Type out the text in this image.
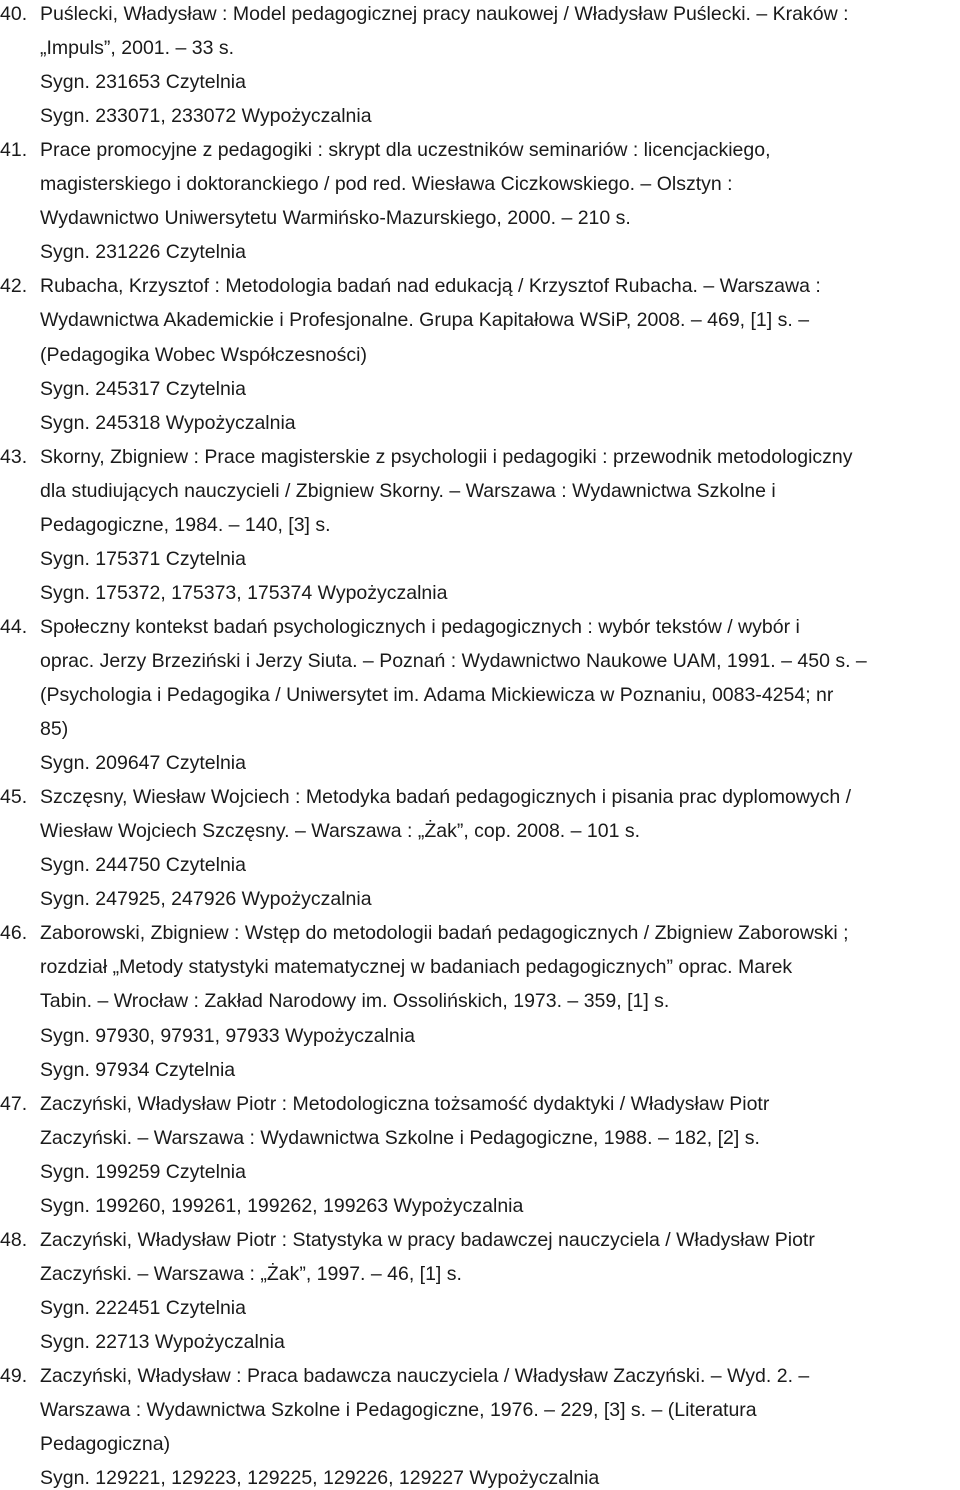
40. Puślecki, Władysław : Model pedagogicznej pracy naukowej / Władysław Puślecki. – Kraków :
„Impuls”, 2001. – 33 s.
Sygn. 231653 Czytelnia
Sygn. 233071, 233072 Wypożyczalnia
41. Prace promocyjne z pedagogiki : skrypt dla uczestników seminariów : licencjackiego,
magisterskiego i doktoranckiego / pod red. Wiesława Ciczkowskiego. – Olsztyn :
Wydawnictwo Uniwersytetu Warmińsko-Mazurskiego, 2000. – 210 s.
Sygn. 231226 Czytelnia
42. Rubacha, Krzysztof : Metodologia badań nad edukacją / Krzysztof Rubacha. – Warszawa :
Wydawnictwa Akademickie i Profesjonalne. Grupa Kapitałowa WSiP, 2008. – 469, [1] s. –
(Pedagogika Wobec Współczesności)
Sygn. 245317 Czytelnia
Sygn. 245318 Wypożyczalnia
43. Skorny, Zbigniew : Prace magisterskie z psychologii i pedagogiki : przewodnik metodologiczny
dla studiujących nauczycieli / Zbigniew Skorny. – Warszawa : Wydawnictwa Szkolne i
Pedagogiczne, 1984. – 140, [3] s.
Sygn. 175371 Czytelnia
Sygn. 175372, 175373, 175374 Wypożyczalnia
44. Społeczny kontekst badań psychologicznych i pedagogicznych : wybór tekstów / wybór i
oprac. Jerzy Brzeziński i Jerzy Siuta. – Poznań : Wydawnictwo Naukowe UAM, 1991. – 450 s. –
(Psychologia i Pedagogika / Uniwersytet im. Adama Mickiewicza w Poznaniu, 0083-4254; nr
85)
Sygn. 209647 Czytelnia
45. Szczęsny, Wiesław Wojciech : Metodyka badań pedagogicznych i pisania prac dyplomowych /
Wiesław Wojciech Szczęsny. – Warszawa : „Żak”, cop. 2008. – 101 s.
Sygn. 244750 Czytelnia
Sygn. 247925, 247926 Wypożyczalnia
46. Zaborowski, Zbigniew : Wstęp do metodologii badań pedagogicznych / Zbigniew Zaborowski ;
rozdział „Metody statystyki matematycznej w badaniach pedagogicznych” oprac. Marek
Tabin. – Wrocław : Zakład Narodowy im. Ossolińskich, 1973. – 359, [1] s.
Sygn. 97930, 97931, 97933 Wypożyczalnia
Sygn. 97934 Czytelnia
47. Zaczyński, Władysław Piotr : Metodologiczna tożsamość dydaktyki / Władysław Piotr
Zaczyński. – Warszawa : Wydawnictwa Szkolne i Pedagogiczne, 1988. – 182, [2] s.
Sygn. 199259 Czytelnia
Sygn. 199260, 199261, 199262, 199263 Wypożyczalnia
48. Zaczyński, Władysław Piotr : Statystyka w pracy badawczej nauczyciela / Władysław Piotr
Zaczyński. – Warszawa : „Żak”, 1997. – 46, [1] s.
Sygn. 222451 Czytelnia
Sygn. 22713 Wypożyczalnia
49. Zaczyński, Władysław : Praca badawcza nauczyciela / Władysław Zaczyński. – Wyd. 2. –
Warszawa : Wydawnictwa Szkolne i Pedagogiczne, 1976. – 229, [3] s. – (Literatura
Pedagogiczna)
Sygn. 129221, 129223, 129225, 129226, 129227 Wypożyczalnia
